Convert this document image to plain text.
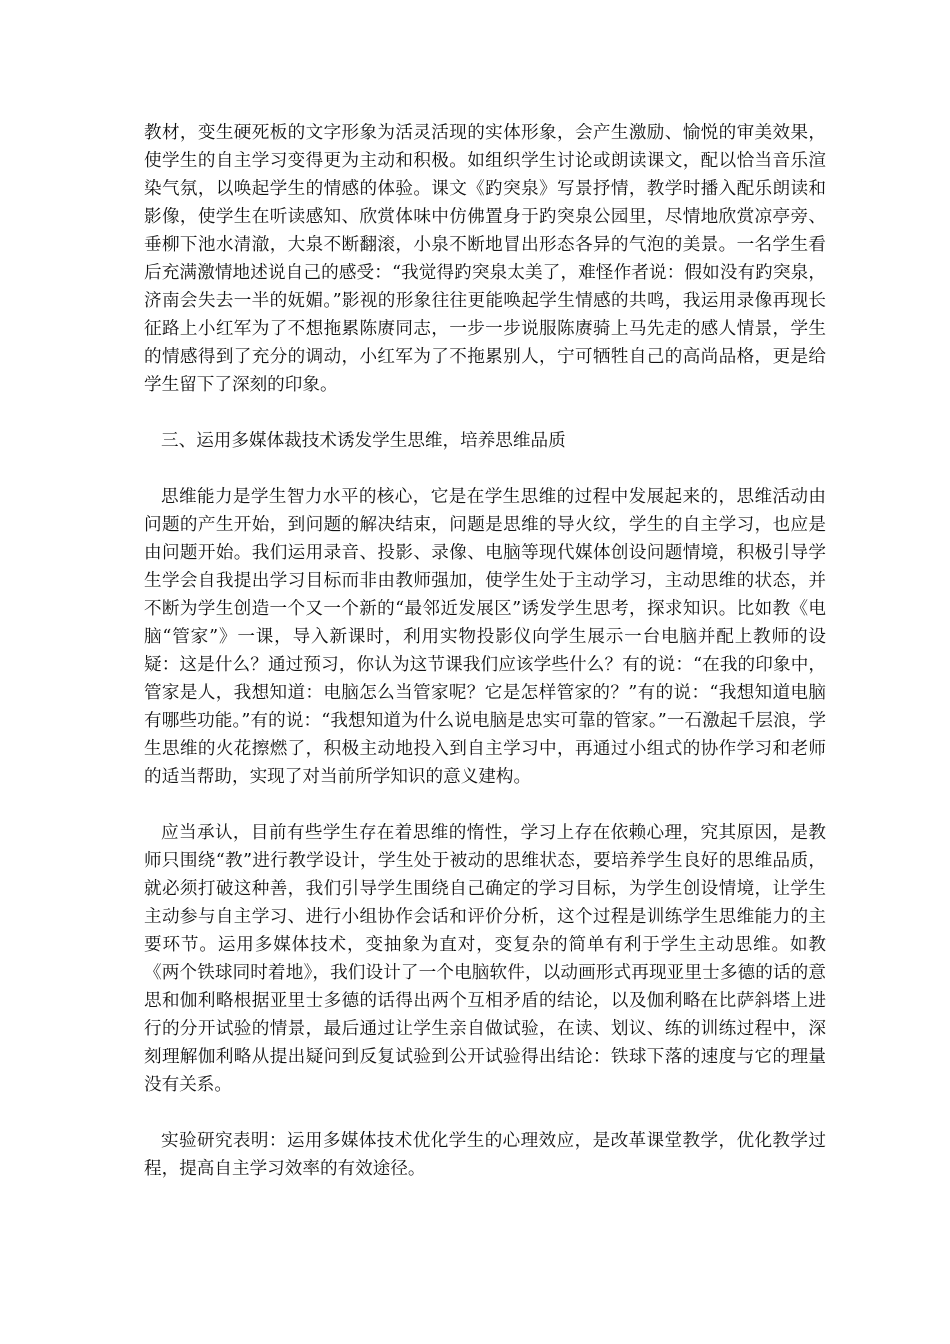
教材，变生硬死板的文字形象为活灵活现的实体形象，会产生激励、愉悦的审美效果，使学生的自主学习变得更为主动和积极。如组织学生讨论或朗读课文，配以恰当音乐渲染气氛，以唤起学生的情感的体验。课文《趵突泉》写景抒情，教学时播入配乐朗读和影像，使学生在听读感知、欣赏体味中仿佛置身于趵突泉公园里，尽情地欣赏凉亭旁、垂柳下池水清澈，大泉不断翻滚，小泉不断地冒出形态各异的气泡的美景。一名学生看后充满激情地述说自己的感受：“我觉得趵突泉太美了，难怪作者说：假如没有趵突泉，济南会失去一半的妩媚。”影视的形象往往更能唤起学生情感的共鸣，我运用录像再现长征路上小红军为了不想拖累陈赓同志，一步一步说服陈赓骑上马先走的感人情景，学生的情感得到了充分的调动，小红军为了不拖累别人，宁可牺牲自己的高尚品格，更是给学生留下了深刻的印象。

三、运用多媒体裁技术诱发学生思维，培养思维品质

思维能力是学生智力水平的核心，它是在学生思维的过程中发展起来的，思维活动由问题的产生开始，到问题的解决结束，问题是思维的导火纹，学生的自主学习，也应是由问题开始。我们运用录音、投影、录像、电脑等现代媒体创设问题情境，积极引导学生学会自我提出学习目标而非由教师强加，使学生处于主动学习，主动思维的状态，并不断为学生创造一个又一个新的“最邻近发展区”诱发学生思考，探求知识。比如教《电脑“管家”》一课，导入新课时，利用实物投影仪向学生展示一台电脑并配上教师的设疑：这是什么？通过预习，你认为这节课我们应该学些什么？有的说：“在我的印象中，管家是人，我想知道：电脑怎么当管家呢？它是怎样管家的？”有的说：“我想知道电脑有哪些功能。”有的说：“我想知道为什么说电脑是忠实可靠的管家。”一石激起千层浪，学生思维的火花擦燃了，积极主动地投入到自主学习中，再通过小组式的协作学习和老师的适当帮助，实现了对当前所学知识的意义建构。

应当承认，目前有些学生存在着思维的惰性，学习上存在依赖心理，究其原因，是教师只围绕“教”进行教学设计，学生处于被动的思维状态，要培养学生良好的思维品质，就必须打破这种善，我们引导学生围绕自己确定的学习目标，为学生创设情境，让学生主动参与自主学习、进行小组协作会话和评价分析，这个过程是训练学生思维能力的主要环节。运用多媒体技术，变抽象为直对，变复杂的简单有利于学生主动思维。如教《两个铁球同时着地》，我们设计了一个电脑软件，以动画形式再现亚里士多德的话的意思和伽利略根据亚里士多德的话得出两个互相矛盾的结论，以及伽利略在比萨斜塔上进行的分开试验的情景，最后通过让学生亲自做试验，在读、划议、练的训练过程中，深刻理解伽利略从提出疑问到反复试验到公开试验得出结论：铁球下落的速度与它的理量没有关系。

实验研究表明：运用多媒体技术优化学生的心理效应，是改革课堂教学，优化教学过程，提高自主学习效率的有效途径。
